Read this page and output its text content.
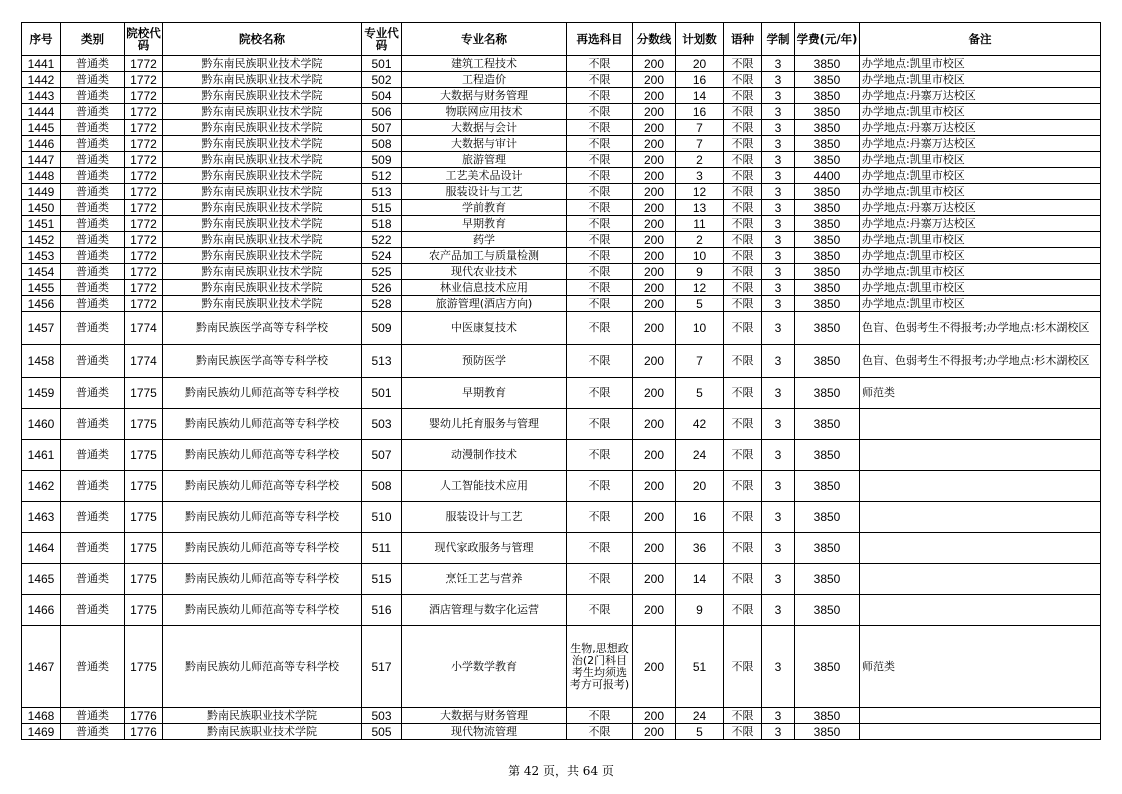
序号	类别	院校代码	院校名称	专业代码	专业名称	再选科目	分数线	计划数	语种	学制	学费(元/年)	备注
1441	普通类	1772	黔东南民族职业技术学院	501	建筑工程技术	不限	200	20	不限	3	3850	办学地点:凯里市校区
1442	普通类	1772	黔东南民族职业技术学院	502	工程造价	不限	200	16	不限	3	3850	办学地点:凯里市校区
1443	普通类	1772	黔东南民族职业技术学院	504	大数据与财务管理	不限	200	14	不限	3	3850	办学地点:丹寨万达校区
1444	普通类	1772	黔东南民族职业技术学院	506	物联网应用技术	不限	200	16	不限	3	3850	办学地点:凯里市校区
1445	普通类	1772	黔东南民族职业技术学院	507	大数据与会计	不限	200	7	不限	3	3850	办学地点:丹寨万达校区
1446	普通类	1772	黔东南民族职业技术学院	508	大数据与审计	不限	200	7	不限	3	3850	办学地点:丹寨万达校区
1447	普通类	1772	黔东南民族职业技术学院	509	旅游管理	不限	200	2	不限	3	3850	办学地点:凯里市校区
1448	普通类	1772	黔东南民族职业技术学院	512	工艺美术品设计	不限	200	3	不限	3	4400	办学地点:凯里市校区
1449	普通类	1772	黔东南民族职业技术学院	513	服装设计与工艺	不限	200	12	不限	3	3850	办学地点:凯里市校区
1450	普通类	1772	黔东南民族职业技术学院	515	学前教育	不限	200	13	不限	3	3850	办学地点:丹寨万达校区
1451	普通类	1772	黔东南民族职业技术学院	518	早期教育	不限	200	11	不限	3	3850	办学地点:丹寨万达校区
1452	普通类	1772	黔东南民族职业技术学院	522	药学	不限	200	2	不限	3	3850	办学地点:凯里市校区
1453	普通类	1772	黔东南民族职业技术学院	524	农产品加工与质量检测	不限	200	10	不限	3	3850	办学地点:凯里市校区
1454	普通类	1772	黔东南民族职业技术学院	525	现代农业技术	不限	200	9	不限	3	3850	办学地点:凯里市校区
1455	普通类	1772	黔东南民族职业技术学院	526	林业信息技术应用	不限	200	12	不限	3	3850	办学地点:凯里市校区
1456	普通类	1772	黔东南民族职业技术学院	528	旅游管理(酒店方向)	不限	200	5	不限	3	3850	办学地点:凯里市校区
1457	普通类	1774	黔南民族医学高等专科学校	509	中医康复技术	不限	200	10	不限	3	3850	色盲、色弱考生不得报考;办学地点:杉木湖校区
1458	普通类	1774	黔南民族医学高等专科学校	513	预防医学	不限	200	7	不限	3	3850	色盲、色弱考生不得报考;办学地点:杉木湖校区
1459	普通类	1775	黔南民族幼儿师范高等专科学校	501	早期教育	不限	200	5	不限	3	3850	师范类
1460	普通类	1775	黔南民族幼儿师范高等专科学校	503	婴幼儿托育服务与管理	不限	200	42	不限	3	3850	
1461	普通类	1775	黔南民族幼儿师范高等专科学校	507	动漫制作技术	不限	200	24	不限	3	3850	
1462	普通类	1775	黔南民族幼儿师范高等专科学校	508	人工智能技术应用	不限	200	20	不限	3	3850	
1463	普通类	1775	黔南民族幼儿师范高等专科学校	510	服装设计与工艺	不限	200	16	不限	3	3850	
1464	普通类	1775	黔南民族幼儿师范高等专科学校	511	现代家政服务与管理	不限	200	36	不限	3	3850	
1465	普通类	1775	黔南民族幼儿师范高等专科学校	515	烹饪工艺与营养	不限	200	14	不限	3	3850	
1466	普通类	1775	黔南民族幼儿师范高等专科学校	516	酒店管理与数字化运营	不限	200	9	不限	3	3850	
1467	普通类	1775	黔南民族幼儿师范高等专科学校	517	小学数学教育	生物,思想政治(2门科目考生均须选考方可报考)	200	51	不限	3	3850	师范类
1468	普通类	1776	黔南民族职业技术学院	503	大数据与财务管理	不限	200	24	不限	3	3850	
1469	普通类	1776	黔南民族职业技术学院	505	现代物流管理	不限	200	5	不限	3	3850	
第 42 页，共 64 页
